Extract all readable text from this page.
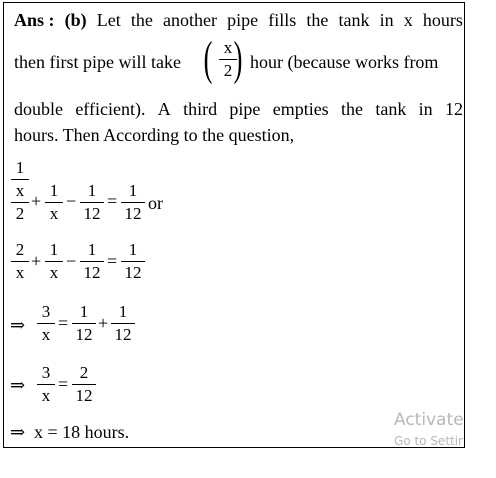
Ans : (b) Let the another pipe fills the tank in x hours
then first pipe will take ( x
2 ) hour (because works from
double efficient). A third pipe empties the tank in 12
hours. Then According to the question,
1
x
2
+
1
x
−
1
12
=
1
12
or
2
x
+
1
x
−
1
12
=
1
12
⇒
3
x
=
1
12
+
1
12
⇒
3
x
=
2
12
⇒ x = 18 hours.
Activate
Go to Settir
